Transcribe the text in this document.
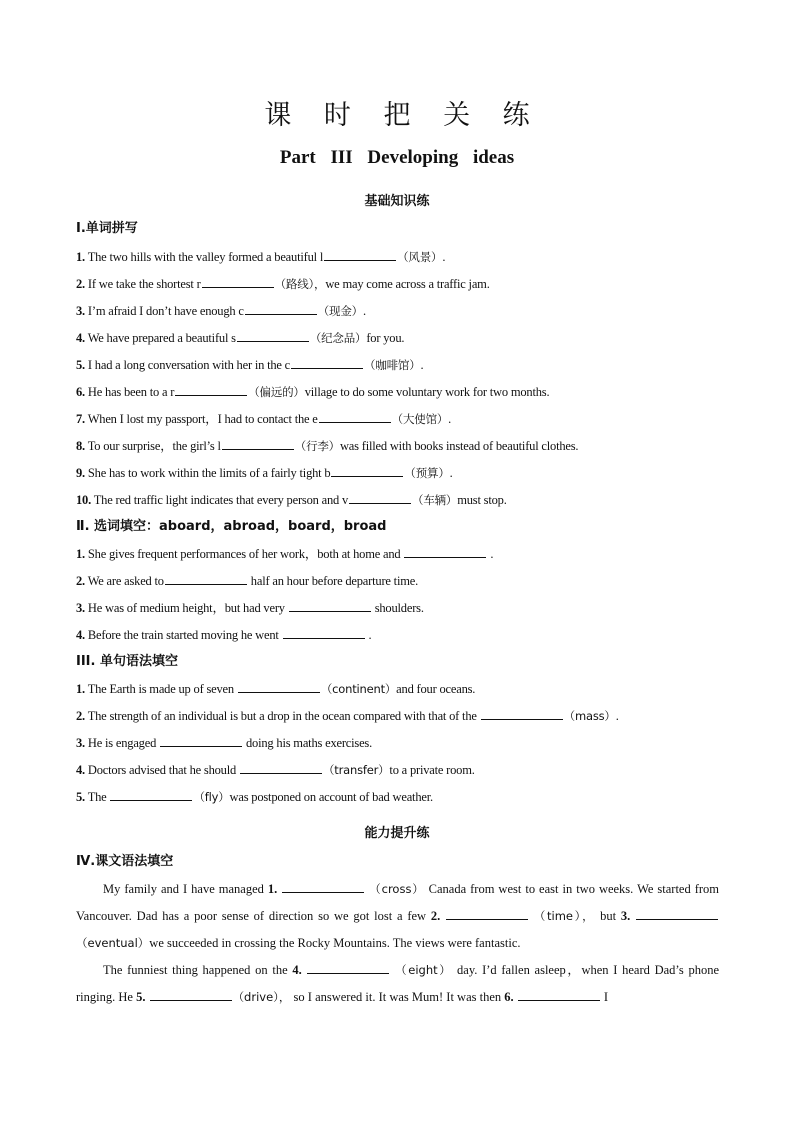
课 时 把 关 练
Part III Developing ideas
基础知识练
Ⅰ.单词拼写
1. The two hills with the valley formed a beautiful l	（风景）.
2. If we take the shortest r	（路线），we may come across a traffic jam.
3. I’m afraid I don’t have enough c	（现金）.
4. We have prepared a beautiful s	（纪念品）for you.
5. I had a long conversation with her in the c	（咖啡馆）.
6. He has been to a r	（偏远的）village to do some voluntary work for two months.
7. When I lost my passport，I had to contact the e	（大使馆）.
8. To our surprise，the girl’s l	（行李）was filled with books instead of beautiful clothes.
9. She has to work within the limits of a fairly tight b	（预算）.
10. The red traffic light indicates that every person and v	（车辆）must stop.
Ⅱ. 选词填空：aboard，abroad，board，broad
1. She gives frequent performances of her work，both at home and	.
2. We are asked to	half an hour before departure time.
3. He was of medium height，but had very	shoulders.
4. Before the train started moving he went	.
III. 单句语法填空
1. The Earth is made up of seven	（continent）and four oceans.
2. The strength of an individual is but a drop in the ocean compared with that of the	（mass）.
3. He is engaged	doing his maths exercises.
4. Doctors advised that he should	（transfer）to a private room.
5. The	（fly）was postponed on account of bad weather.
能力提升练
Ⅳ.课文语法填空
My family and I have managed 1.	（cross） Canada from west to east in two weeks. We started from Vancouver. Dad has a poor sense of direction so we got lost a few 2.	（time）， but 3. （eventual）we succeeded in crossing the Rocky Mountains. The views were fantastic.
The funniest thing happened on the 4.	（eight） day. I’d fallen asleep，when I heard Dad’s phone ringing. He 5.	（drive）， so I answered it. It was Mum! It was then 6.	I
